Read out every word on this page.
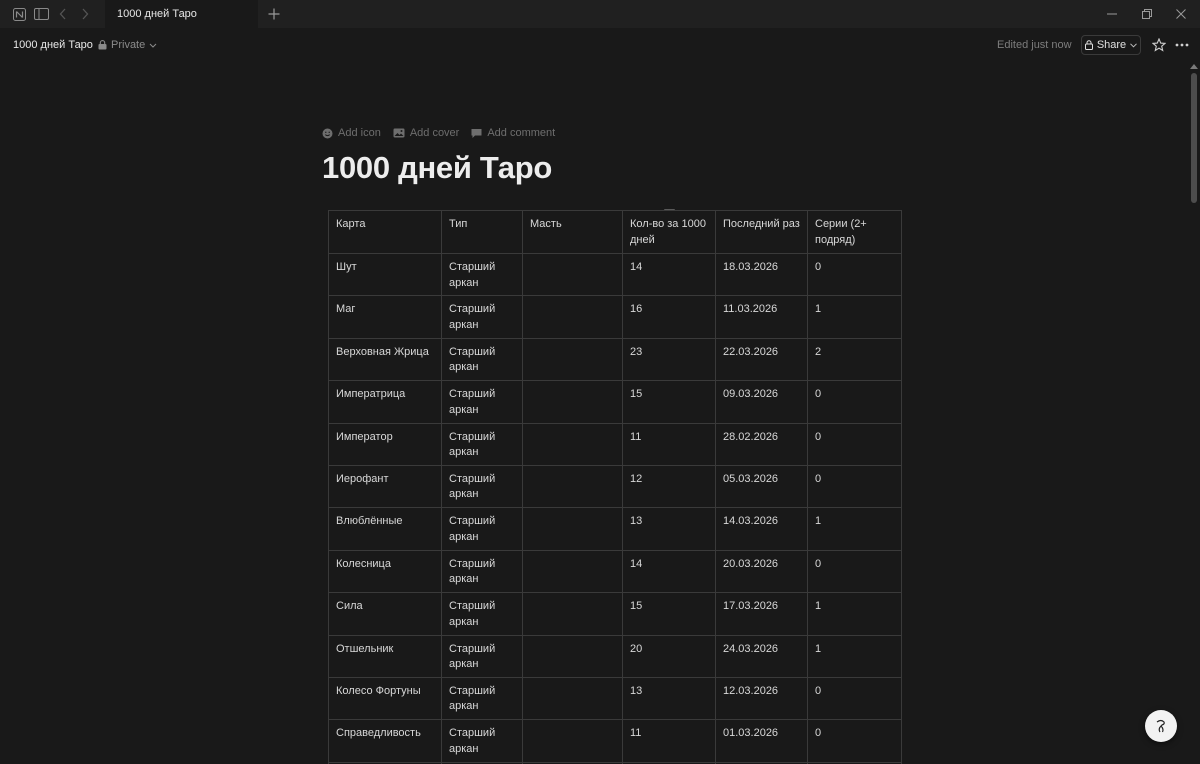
1000 дней Таро
1000 дней Таро Private	Edited just now Share
Add icon	Add cover	Add comment
1000 дней Таро
Карта	Тип	Масть	Кол-во за 1000 дней	Последний раз	Серии (2+ подряд)
Шут	Старший аркан		14	18.03.2026	0
Маг	Старший аркан		16	11.03.2026	1
Верховная Жрица	Старший аркан		23	22.03.2026	2
Императрица	Старший аркан		15	09.03.2026	0
Император	Старший аркан		11	28.02.2026	0
Иерофант	Старший аркан		12	05.03.2026	0
Влюблённые	Старший аркан		13	14.03.2026	1
Колесница	Старший аркан		14	20.03.2026	0
Сила	Старший аркан		15	17.03.2026	1
Отшельник	Старший аркан		20	24.03.2026	1
Колесо Фортуны	Старший аркан		13	12.03.2026	0
Справедливость	Старший аркан		11	01.03.2026	0
